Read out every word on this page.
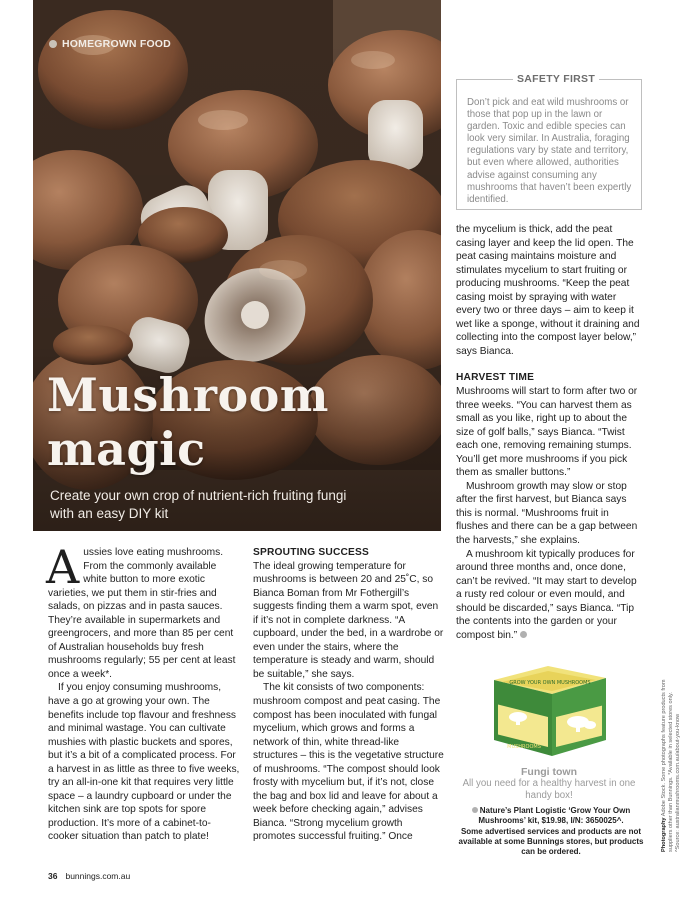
HOMEGROWN FOOD
Mushroom
magic

Create your own crop of nutrient-rich fruiting fungi with an easy DIY kit

SAFETY FIRST

Don’t pick and eat wild mushrooms or those that pop up in the lawn or garden. Toxic and edible species can look very similar. In Australia, foraging regulations vary by state and territory, but even where allowed, authorities advise against consuming any mushrooms that haven’t been expertly identified.

Aussies love eating mushrooms. From the commonly available white button to more exotic varieties, we put them in stir-fries and salads, on pizzas and in pasta sauces. They’re available in supermarkets and greengrocers, and more than 85 per cent of Australian households buy fresh mushrooms regularly; 55 per cent at least once a week*.

If you enjoy consuming mushrooms, have a go at growing your own. The benefits include top flavour and freshness and minimal wastage. You can cultivate mushies with plastic buckets and spores, but it’s a bit of a complicated process. For a harvest in as little as three to five weeks, try an all-in-one kit that requires very little space – a laundry cupboard or under the kitchen sink are top spots for spore production. It’s more of a cabinet-to-cooker situation than patch to plate!

SPROUTING SUCCESS

The ideal growing temperature for mushrooms is between 20 and 25˚C, so Bianca Boman from Mr Fothergill’s suggests finding them a warm spot, even if it’s not in complete darkness. “A cupboard, under the bed, in a wardrobe or even under the stairs, where the temperature is steady and warm, should be suitable,” she says.

The kit consists of two components: mushroom compost and peat casing. The compost has been inoculated with fungal mycelium, which grows and forms a network of thin, white thread-like structures – this is the vegetative structure of mushrooms. “The compost should look frosty with mycelium but, if it’s not, close the bag and box lid and leave for about a week before checking again,” advises Bianca. “Strong mycelium growth promotes successful fruiting.” Once

the mycelium is thick, add the peat casing layer and keep the lid open. The peat casing maintains moisture and stimulates mycelium to start fruiting or producing mushrooms. “Keep the peat casing moist by spraying with water every two or three days – aim to keep it wet like a sponge, without it draining and collecting into the compost layer below,” says Bianca.

HARVEST TIME

Mushrooms will start to form after two or three weeks. “You can harvest them as small as you like, right up to about the size of golf balls,” says Bianca. “Twist each one, removing remaining stumps. You’ll get more mushrooms if you pick them as smaller buttons.”

Mushroom growth may slow or stop after the first harvest, but Bianca says this is normal. “Mushrooms fruit in flushes and there can be a gap between the harvests,” she explains.

A mushroom kit typically produces for around three months and, once done, can’t be revived. “It may start to develop a rusty red colour or even mould, and should be discarded,” says Bianca. “Tip the contents into the garden or your compost bin.”

GROW YOUR OWN MUSHROOMS
MUSHROOMS
Fungi town
All you need for a healthy harvest in one handy box!
Nature’s Plant Logistic ‘Grow Your Own Mushrooms’ kit, $19.98, I/N: 3650025^.
Some advertised services and products are not available at some Bunnings stores, but products can be ordered.
36 bunnings.com.au
Photography Adobe Stock. Some photographs feature products from suppliers other than Bunnings. *Available in selected stores only. ^Source: australianmushrooms.com.au/about-you-know
